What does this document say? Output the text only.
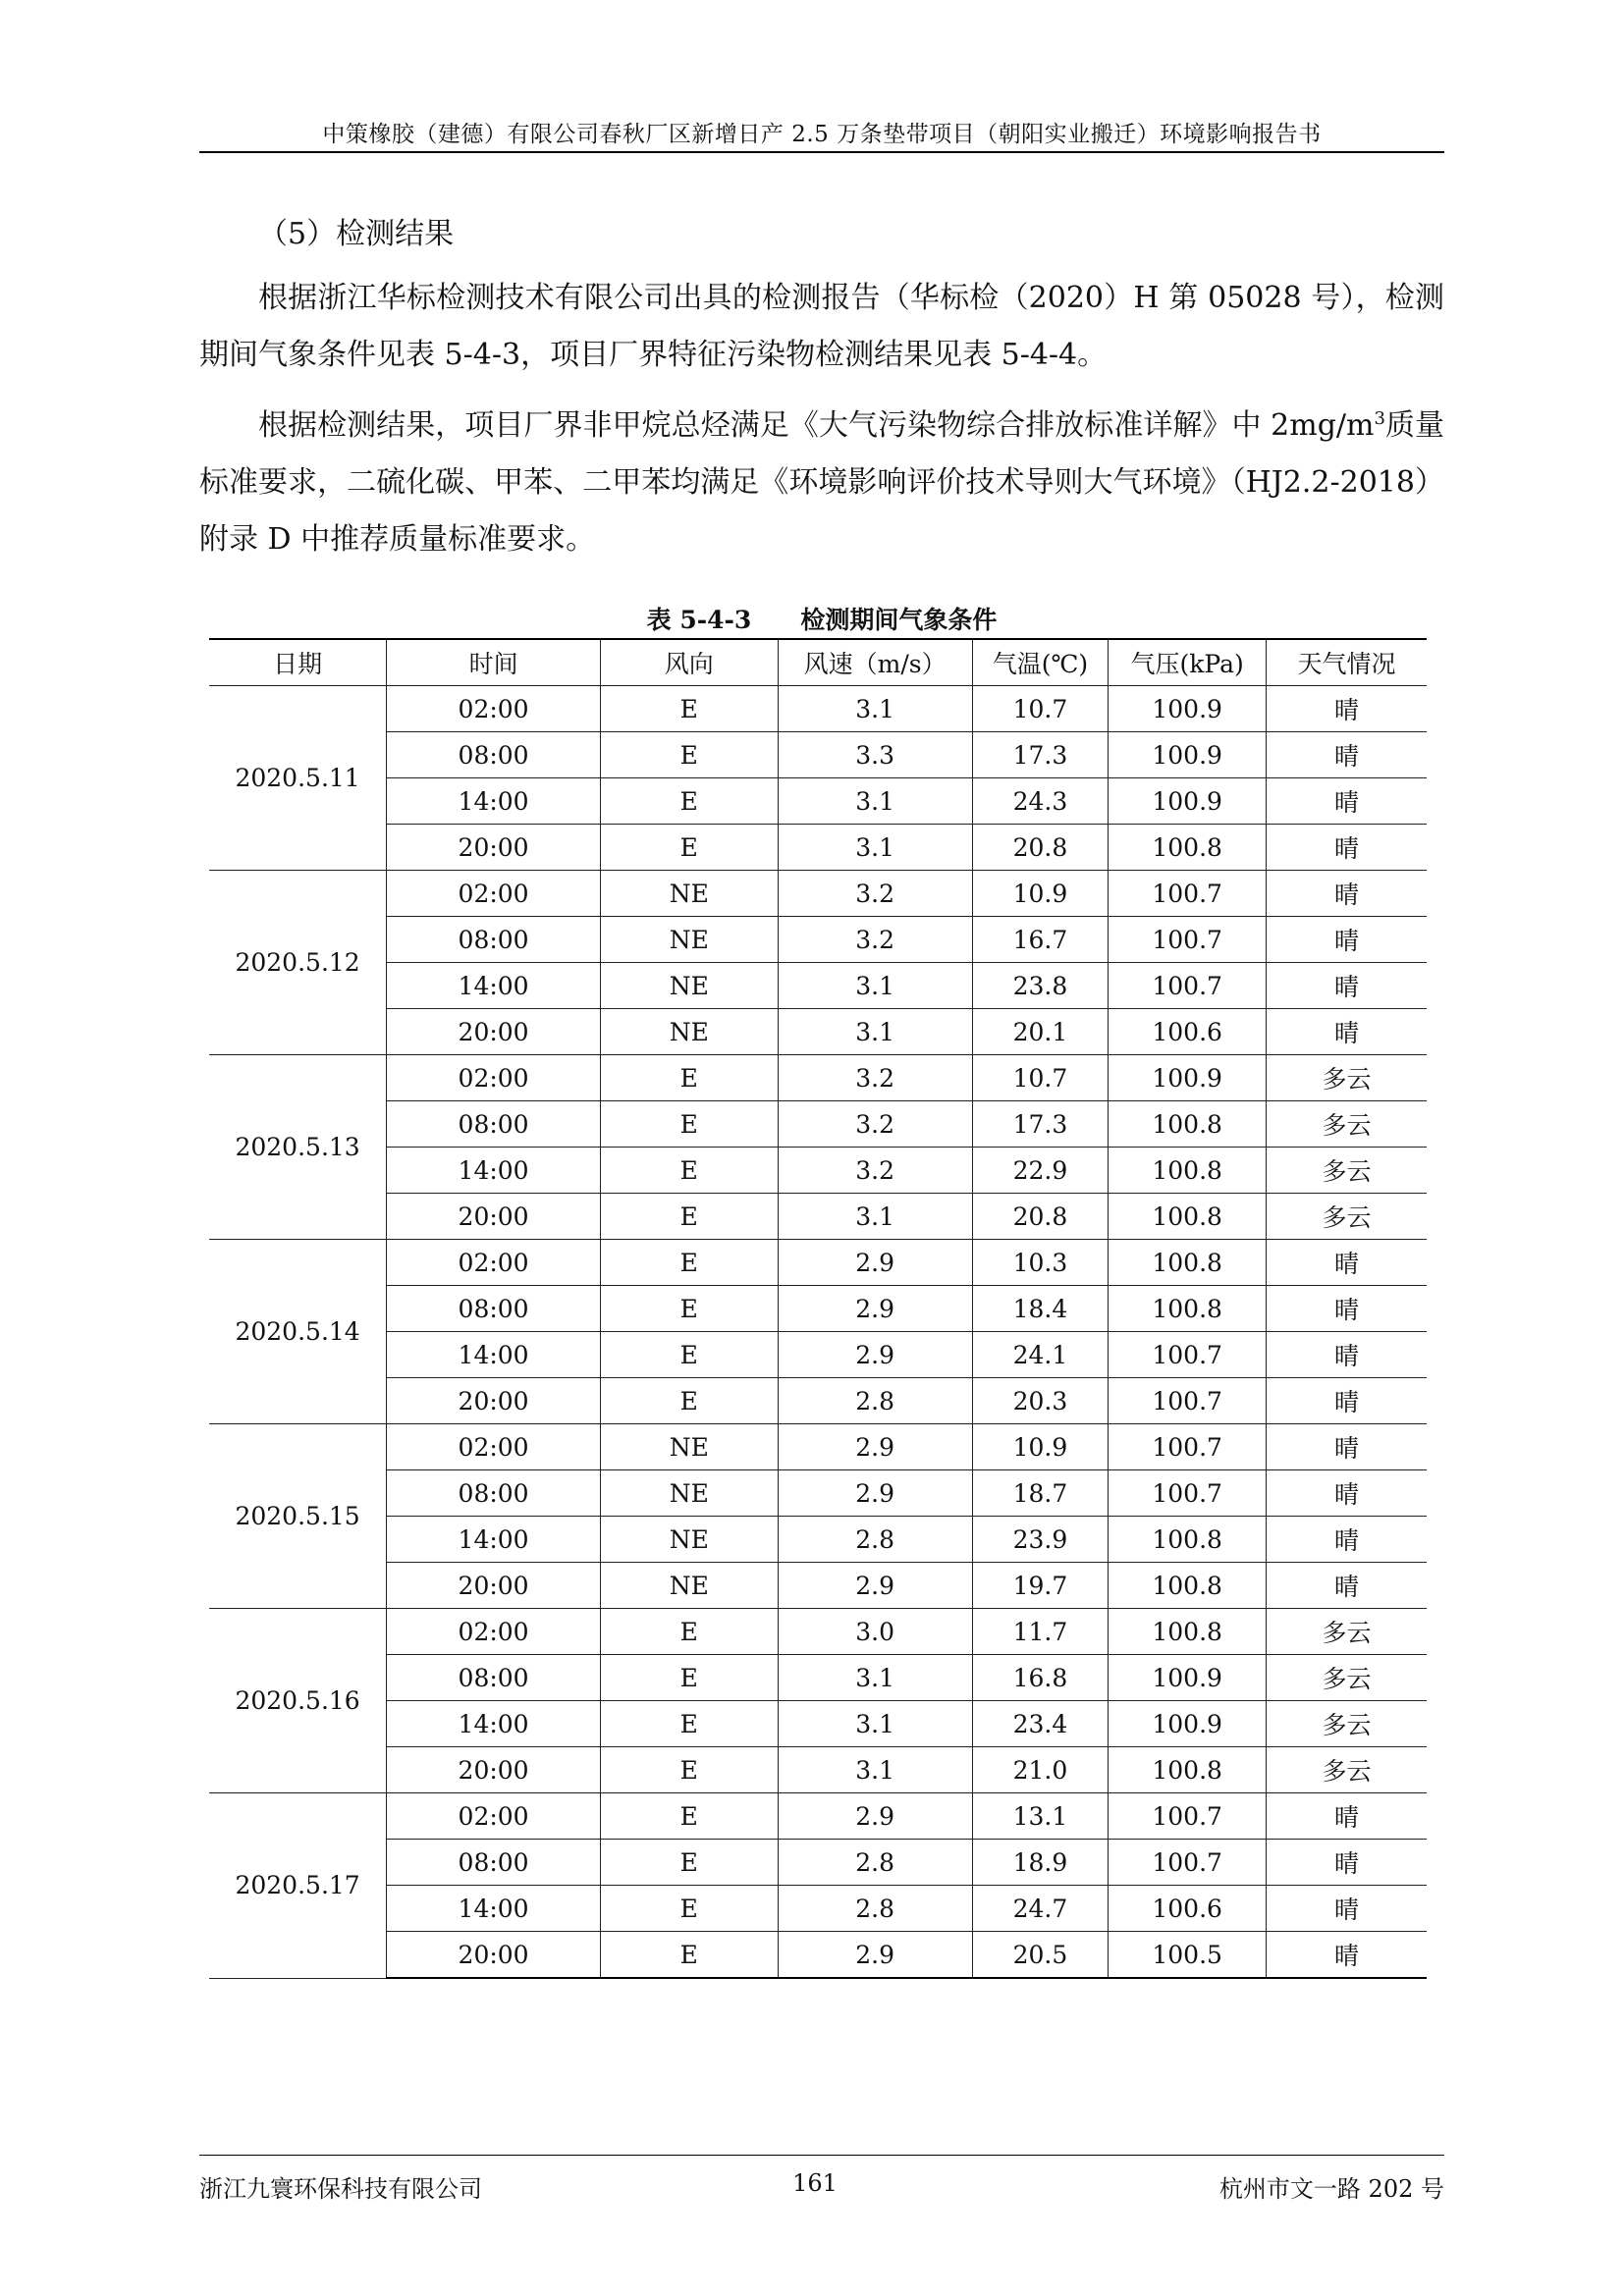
中策橡胶（建德）有限公司春秋厂区新增日产 2.5 万条垫带项目（朝阳实业搬迁）环境影响报告书
（5）检测结果
根据浙江华标检测技术有限公司出具的检测报告（华标检（2020）H 第 05028 号），检测期间气象条件见表 5-4-3，项目厂界特征污染物检测结果见表 5-4-4。
根据检测结果，项目厂界非甲烷总烃满足《大气污染物综合排放标准详解》中 $2mg/m^3$质量标准要求，二硫化碳、甲苯、二甲苯均满足《环境影响评价技术导则大气环境》（HJ2.2-2018）附录 D 中推荐质量标准要求。
表 5-4-3　　检测期间气象条件
日期	时间	风向	风速（m/s）	气温(℃)	气压(kPa)	天气情况
2020.5.11	02:00	E	3.1	10.7	100.9	晴
	08:00	E	3.3	17.3	100.9	晴
	14:00	E	3.1	24.3	100.9	晴
	20:00	E	3.1	20.8	100.8	晴
2020.5.12	02:00	NE	3.2	10.9	100.7	晴
	08:00	NE	3.2	16.7	100.7	晴
	14:00	NE	3.1	23.8	100.7	晴
	20:00	NE	3.1	20.1	100.6	晴
2020.5.13	02:00	E	3.2	10.7	100.9	多云
	08:00	E	3.2	17.3	100.8	多云
	14:00	E	3.2	22.9	100.8	多云
	20:00	E	3.1	20.8	100.8	多云
2020.5.14	02:00	E	2.9	10.3	100.8	晴
	08:00	E	2.9	18.4	100.8	晴
	14:00	E	2.9	24.1	100.7	晴
	20:00	E	2.8	20.3	100.7	晴
2020.5.15	02:00	NE	2.9	10.9	100.7	晴
	08:00	NE	2.9	18.7	100.7	晴
	14:00	NE	2.8	23.9	100.8	晴
	20:00	NE	2.9	19.7	100.8	晴
2020.5.16	02:00	E	3.0	11.7	100.8	多云
	08:00	E	3.1	16.8	100.9	多云
	14:00	E	3.1	23.4	100.9	多云
	20:00	E	3.1	21.0	100.8	多云
2020.5.17	02:00	E	2.9	13.1	100.7	晴
	08:00	E	2.8	18.9	100.7	晴
	14:00	E	2.8	24.7	100.6	晴
	20:00	E	2.9	20.5	100.5	晴
浙江九寰环保科技有限公司	161	杭州市文一路 202 号
